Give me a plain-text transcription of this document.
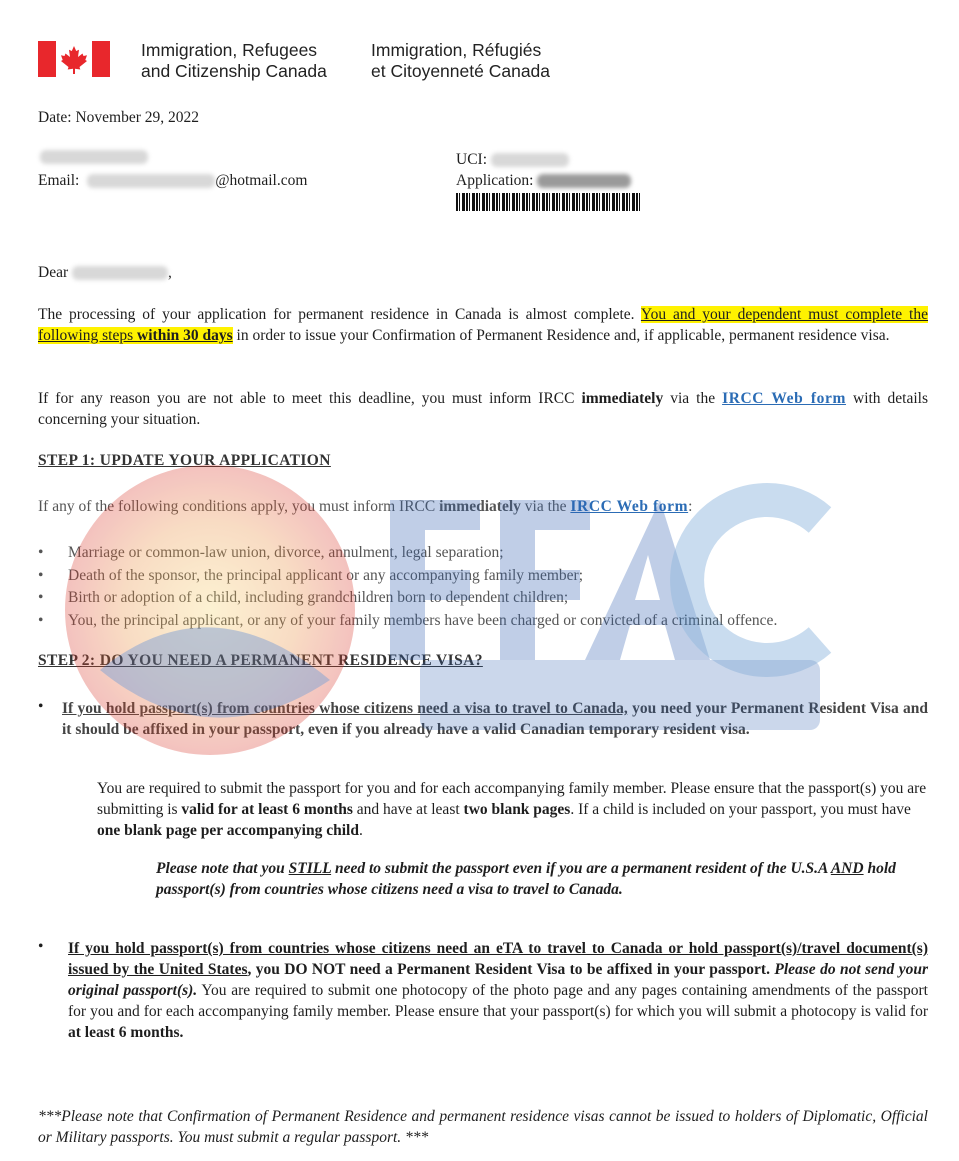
Immigration, Refugees
and Citizenship Canada
Immigration, Réfugiés
et Citoyenneté Canada
Date: November 29, 2022
Email:	@hotmail.com
UCI:
Application:
Dear	,
The processing of your application for permanent residence in Canada is almost complete. You and your dependent must complete the following steps within 30 days in order to issue your Confirmation of Permanent Residence and, if applicable, permanent residence visa.
If for any reason you are not able to meet this deadline, you must inform IRCC immediately via the IRCC Web form with details concerning your situation.
STEP 1: UPDATE YOUR APPLICATION
If any of the following conditions apply, you must inform IRCC immediately via the IRCC Web form:
• Marriage or common-law union, divorce, annulment, legal separation;
• Death of the sponsor, the principal applicant or any accompanying family member;
• Birth or adoption of a child, including grandchildren born to dependent children;
• You, the principal applicant, or any of your family members have been charged or convicted of a criminal offence.
STEP 2: DO YOU NEED A PERMANENT RESIDENCE VISA?
• If you hold passport(s) from countries whose citizens need a visa to travel to Canada, you need your Permanent Resident Visa and it should be affixed in your passport, even if you already have a valid Canadian temporary resident visa.
You are required to submit the passport for you and for each accompanying family member. Please ensure that the passport(s) you are submitting is valid for at least 6 months and have at least two blank pages. If a child is included on your passport, you must have one blank page per accompanying child.
Please note that you STILL need to submit the passport even if you are a permanent resident of the U.S.A AND hold passport(s) from countries whose citizens need a visa to travel to Canada.
• If you hold passport(s) from countries whose citizens need an eTA to travel to Canada or hold passport(s)/travel document(s) issued by the United States, you DO NOT need a Permanent Resident Visa to be affixed in your passport. Please do not send your original passport(s). You are required to submit one photocopy of the photo page and any pages containing amendments of the passport for you and for each accompanying family member. Please ensure that your passport(s) for which you will submit a photocopy is valid for at least 6 months.
***Please note that Confirmation of Permanent Residence and permanent residence visas cannot be issued to holders of Diplomatic, Official or Military passports. You must submit a regular passport. ***
